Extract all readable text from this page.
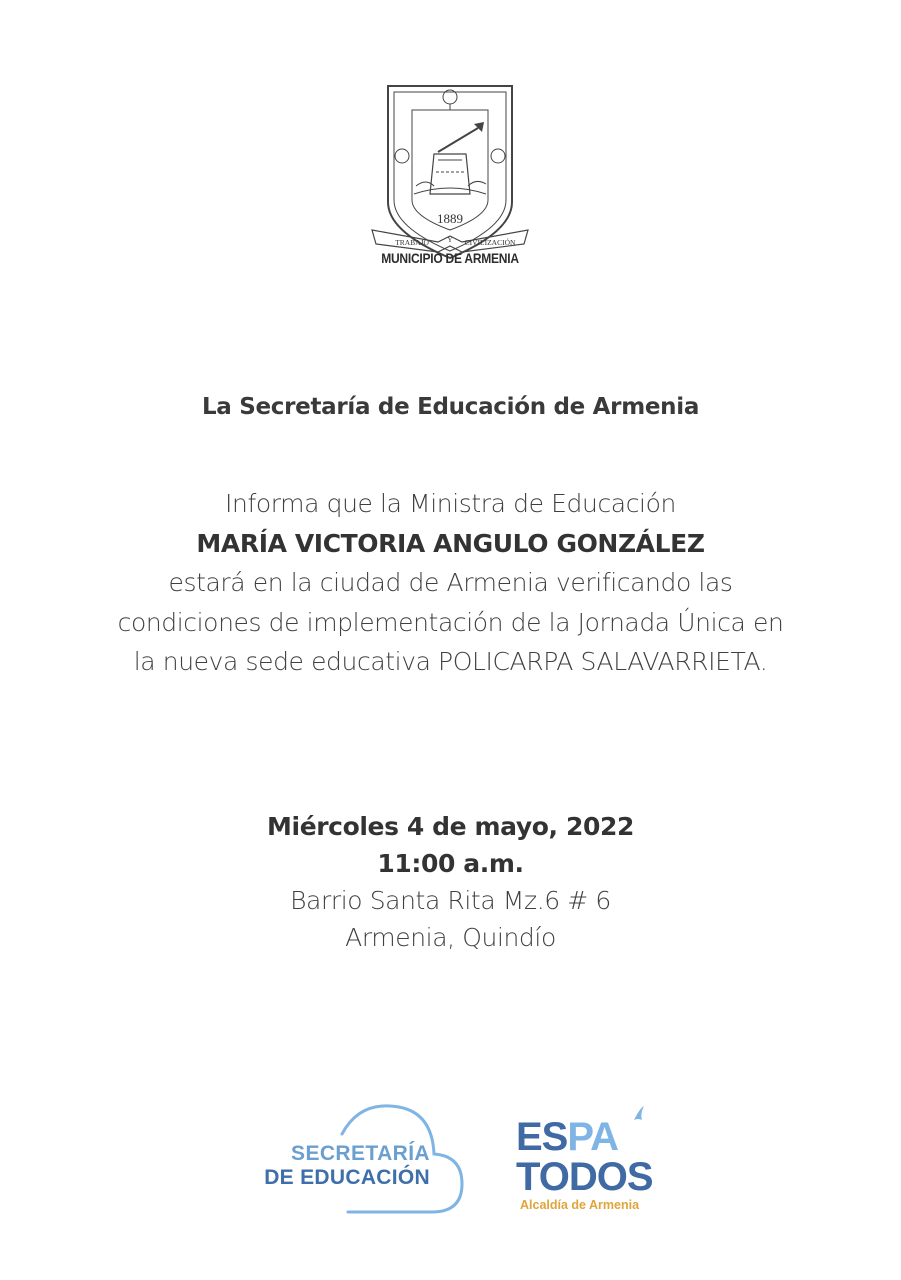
1889
TRABAJO Y CIVILIZACIÓN
MUNICIPIO DE ARMENIA
La Secretaría de Educación de Armenia
Informa que la Ministra de Educación
MARÍA VICTORIA ANGULO GONZÁLEZ
estará en la ciudad de Armenia verificando las
condiciones de implementación de la Jornada Única en
la nueva sede educativa POLICARPA SALAVARRIETA.
Miércoles 4 de mayo, 2022
11:00 a.m.
Barrio Santa Rita Mz.6 # 6
Armenia, Quindío
SECRETARÍA
DE EDUCACIÓN
ESPA
TODOS
Alcaldía de Armenia
